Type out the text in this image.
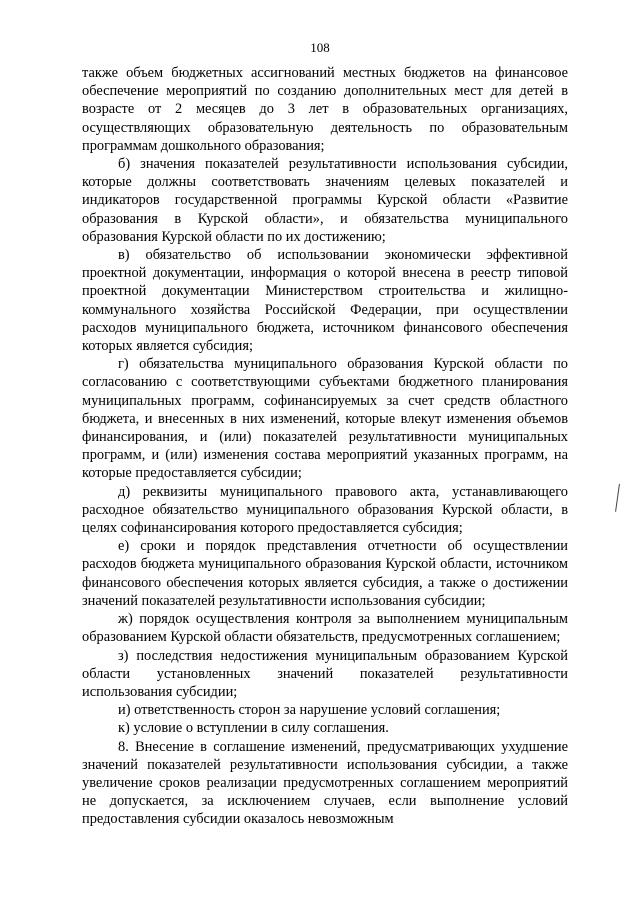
108

также объем бюджетных ассигнований местных бюджетов на финансовое обеспечение мероприятий по созданию дополнительных мест для детей в возрасте от 2 месяцев до 3 лет в образовательных организациях, осуществляющих образовательную деятельность по образовательным программам дошкольного образования;

б) значения показателей результативности использования субсидии, которые должны соответствовать значениям целевых показателей и индикаторов государственной программы Курской области «Развитие образования в Курской области», и обязательства муниципального образования Курской области по их достижению;

в) обязательство об использовании экономически эффективной проектной документации, информация о которой внесена в реестр типовой проектной документации Министерством строительства и жилищно-коммунального хозяйства Российской Федерации, при осуществлении расходов муниципального бюджета, источником финансового обеспечения которых является субсидия;

г) обязательства муниципального образования Курской области по согласованию с соответствующими субъектами бюджетного планирования муниципальных программ, софинансируемых за счет средств областного бюджета, и внесенных в них изменений, которые влекут изменения объемов финансирования, и (или) показателей результативности муниципальных программ, и (или) изменения состава мероприятий указанных программ, на которые предоставляется субсидии;

д) реквизиты муниципального правового акта, устанавливающего расходное обязательство муниципального образования Курской области, в целях софинансирования которого предоставляется субсидия;

е) сроки и порядок представления отчетности об осуществлении расходов бюджета муниципального образования Курской области, источником финансового обеспечения которых является субсидия, а также о достижении значений показателей результативности использования субсидии;

ж) порядок осуществления контроля за выполнением муниципальным образованием Курской области обязательств, предусмотренных соглашением;

з) последствия недостижения муниципальным образованием Курской области установленных значений показателей результативности использования субсидии;

и) ответственность сторон за нарушение условий соглашения;

к) условие о вступлении в силу соглашения.

8. Внесение в соглашение изменений, предусматривающих ухудшение значений показателей результативности использования субсидии, а также увеличение сроков реализации предусмотренных соглашением мероприятий не допускается, за исключением случаев, если выполнение условий предоставления субсидии оказалось невозможным
